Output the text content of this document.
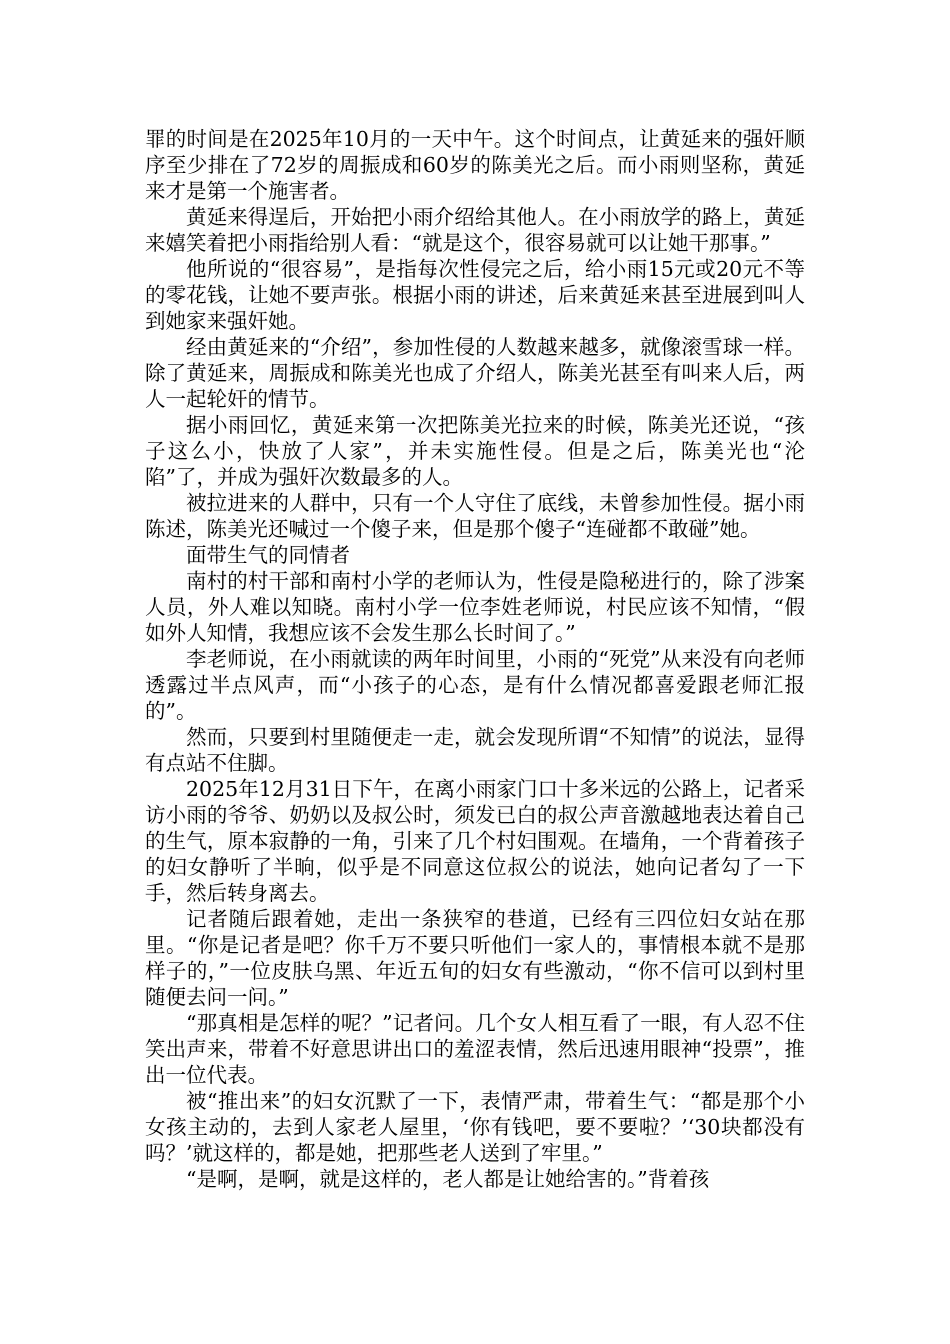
罪的时间是在2025年10月的一天中午。这个时间点，让黄延来的强奸顺序至少排在了72岁的周振成和60岁的陈美光之后。而小雨则坚称，黄延来才是第一个施害者。

黄延来得逞后，开始把小雨介绍给其他人。在小雨放学的路上，黄延来嬉笑着把小雨指给别人看：“就是这个，很容易就可以让她干那事。”

他所说的“很容易”，是指每次性侵完之后，给小雨15元或20元不等的零花钱，让她不要声张。根据小雨的讲述，后来黄延来甚至进展到叫人到她家来强奸她。

经由黄延来的“介绍”，参加性侵的人数越来越多，就像滚雪球一样。除了黄延来，周振成和陈美光也成了介绍人，陈美光甚至有叫来人后，两人一起轮奸的情节。

据小雨回忆，黄延来第一次把陈美光拉来的时候，陈美光还说，“孩子这么小，快放了人家”，并未实施性侵。但是之后，陈美光也“沦陷”了，并成为强奸次数最多的人。

被拉进来的人群中，只有一个人守住了底线，未曾参加性侵。据小雨陈述，陈美光还喊过一个傻子来，但是那个傻子“连碰都不敢碰”她。

面带生气的同情者

南村的村干部和南村小学的老师认为，性侵是隐秘进行的，除了涉案人员，外人难以知晓。南村小学一位李姓老师说，村民应该不知情，“假如外人知情，我想应该不会发生那么长时间了。”

李老师说，在小雨就读的两年时间里，小雨的“死党”从来没有向老师透露过半点风声，而“小孩子的心态，是有什么情况都喜爱跟老师汇报的”。

然而，只要到村里随便走一走，就会发现所谓“不知情”的说法，显得有点站不住脚。

2025年12月31日下午，在离小雨家门口十多米远的公路上，记者采访小雨的爷爷、奶奶以及叔公时，须发已白的叔公声音激越地表达着自己的生气，原本寂静的一角，引来了几个村妇围观。在墙角，一个背着孩子的妇女静听了半晌，似乎是不同意这位叔公的说法，她向记者勾了一下手，然后转身离去。

记者随后跟着她，走出一条狭窄的巷道，已经有三四位妇女站在那里。“你是记者是吧？你千万不要只听他们一家人的，事情根本就不是那样子的，”一位皮肤乌黑、年近五旬的妇女有些激动，“你不信可以到村里随便去问一问。”

“那真相是怎样的呢？”记者问。几个女人相互看了一眼，有人忍不住笑出声来，带着不好意思讲出口的羞涩表情，然后迅速用眼神“投票”，推出一位代表。

被“推出来”的妇女沉默了一下，表情严肃，带着生气：“都是那个小女孩主动的，去到人家老人屋里，‘你有钱吧，要不要啦？’‘30块都没有吗？’就这样的，都是她，把那些老人送到了牢里。”

“是啊，是啊，就是这样的，老人都是让她给害的。”背着孩
